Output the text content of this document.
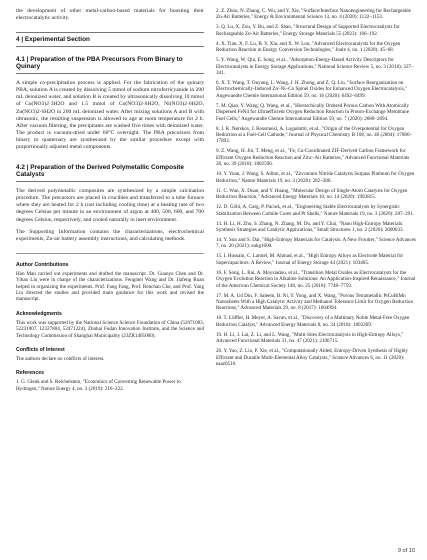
the development of other metal-carbon-based materials for boosting their electrocatalytic activity.

4 | Experimental Section
4.1 | Preparation of the PBA Precursors From Binary to Quinary

A simple co-precipitation process is applied. For the fabrication of the quinary PBA, solution A is created by dissolving 5 mmol of sodium nitroferricyanide in 200 mL deionized water, and solution B is created by ultrasonically dissolving 10 mmol of Cu(NO3)2·3H2O and 1.5 mmol of Co(NO3)2·6H2O, Ni(NO3)2·6H2O, Zn(NO3)2·6H2O in 200 mL deionized water. After mixing solutions A and B with ultrasonic, the resulting suspension is allowed to age at room temperature for 2 h. After vacuum filtering, the precipitates are washed five times with deionized water. The product is vacuum-dried under 60°C overnight. The PBA precursors from binary to quaternary are synthesized by the similar procedure except with proportionally adjusted metal components.

4.2 | Preparation of the Derived Polymetallic Composite Catalysts

The derived polymetallic composites are synthesized by a simple calcination procedure. The precursors are placed in crucibles and transferred to a tube furnace where they are heated for 2 h (not including cooling time) at a heating rate of two degrees Celsius per minute in an environment of argon at 400, 500, 600, and 700 degrees Celsius, respectively, and cooled naturally in inert environment.

The Supporting Information contains the characterizations, electrochemical experiments, Zn-air battery assembly instructions, and calculating methods.

Author Contributions

Han Man carried out experiments and drafted the manuscript. Dr. Guanyu Chen and Dr. Yihao Liu were in charge of the characterizations. Fengmei Wang and Dr. Jiafeng Ruan helped in organizing the experiments. Prof. Fang Fang, Prof. Renchao Che, and Prof. Yang Liu directed the studies and provided main guidance for this work and revised the manuscript.

Acknowledgments

This work was supported by the National Science Science Foundation of China (52071083, 52231007, 12327804, 52471224), Zhuhai Fudan Innovation Institute, and the Science and Technology Commission of Shanghai Municipality (23ZR1405000).

Conflicts of Interest

The authors declare no conflicts of interest.

References

1. G. Glenk and S. Reichelstein, "Economics of Converting Renewable Power to Hydrogen," Nature Energy 4, no. 3 (2019): 216–222.

2. Z. Zhou, N. Zhang, C. Wu, and Y. Xie, "Surface/Interface Nanoengineering for Rechargeable Zn-Air Batteries," Energy & Environmental Science 13, no. 4 (2020): 1132–1153.

3. Q. Lu, X. Zou, Y. Bu, and Z. Shao, "Structural Design of Supported Electrocatalysts for Rechargeable Zn-Air Batteries," Energy Storage Materials 55 (2023): 166–192.

4. X. Tian, X. F. Lu, B. Y. Xia, and X. W. Lou, "Advanced Electrocatalysts for the Oxygen Reduction Reaction in Energy Conversion Technologies," Joule 4, no. 1 (2020): 45–68.

5. Y. Wang, W. Qiu, E. Song, et al., "Adsorption-Energy-Based Activity Descriptors for Electrocatalysts in Energy Storage Applications," National Science Review 5, no. 3 (2018): 327–341.

6. X. T. Wang, T. Ouyang, L. Wang, J. H. Zhong, and Z. Q. Liu, "Surface Reorganization on Electrochemically-Induced Zn–Ni–Co Spinel Oxides for Enhanced Oxygen Electrocatalysis," Angewandte Chemie International Edition 59, no. 16 (2020): 6492–6499.

7. M. Qiao, Y. Wang, Q. Wang, et al., "Hierarchically Ordered Porous Carbon With Atomically Dispersed FeN4 for Ultraefficient Oxygen Reduction Reaction in Proton-Exchange Membrane Fuel Cells," Angewandte Chemie International Edition 59, no. 7 (2020): 2688–2694.

8. J. K. Nørskov, J. Rossmeisl, A. Logadottir, et al., "Origin of the Overpotential for Oxygen Reduction at a Fuel-Cell Cathode," Journal of Physical Chemistry B 108, no. 46 (2004): 17886–17892.

9. Z. Wang, H. Jin, T. Meng, et al., "Fe, Cu-Coordinated ZIF-Derived Carbon Framework for Efficient Oxygen Reduction Reaction and Zinc–Air Batteries," Advanced Functional Materials 28, no. 39 (2018): 1802596.

10. Y. Yuan, J. Wang, S. Adimi, et al., "Zirconium Nitride Catalysts Surpass Platinum for Oxygen Reduction," Nature Materials 19, no. 3 (2020): 282–286.

11. C. Wan, X. Duan, and Y. Huang, "Molecular Design of Single-Atom Catalysts for Oxygen Reduction Reaction," Advanced Energy Materials 10, no. 14 (2020): 1903815.

12. D. Göhl, A. Garg, P. Paciok, et al., "Engineering Stable Electrocatalysts by Synergistic Stabilization Between Carbide Cores and Pt Shells," Nature Materials 19, no. 3 (2020): 287–291.

13. H. Li, H. Zhu, S. Zhang, N. Zhang, M. Du, and Y. Chai, "Nano High-Entropy Materials: Synthesis Strategies and Catalytic Applications," Small Structures 1, no. 2 (2020): 2000033.

14. Y. Sun and S. Dai, "High-Entropy Materials for Catalysis: A New Frontier," Science Advances 7, no. 20 (2021): eabg1600.

15. I. Hussain, C. Lamiel, M. Ahmad, et al., "High Entropy Alloys as Electrode Material for Supercapacitors: A Review," Journal of Energy Storage 44 (2021): 103405.

16. F. Song, L. Bai, A. Moysiadou, et al., "Transition Metal Oxides as Electrocatalysts for the Oxygen Evolution Reaction in Alkaline Solutions: An Application-Inspired Renaissance," Journal of the American Chemical Society 140, no. 25 (2018): 7748–7759.

17. M. A. Ud Din, F. Saleem, B. Ni, Y. Yong, and X. Wang, "Porous Tetrametallic PtCuBiMn Nanosheets With a High Catalytic Activity and Methanol Tolerance Limit for Oxygen Reduction Reactions," Advanced Materials 29, no. 8 (2017): 1604994.

18. T. Löffler, H. Meyer, A. Savan, et al., "Discovery of a Multinary Noble Metal-Free Oxygen Reduction Catalyst," Advanced Energy Materials 8, no. 34 (2018): 1802269.

19. H. Li, J. Lai, Z. Li, and L. Wang, "Multi-Sites Electrocatalysis in High-Entropy Alloys," Advanced Functional Materials 31, no. 47 (2021): 2106715.

20. Y. Yao, Z. Liu, P. Xie, et al., "Computationally Aided, Entropy-Driven Synthesis of Highly Efficient and Durable Multi-Elemental Alloy Catalysts," Science Advances 6, no. 11 (2020): eaaz0510.

9 of 10
